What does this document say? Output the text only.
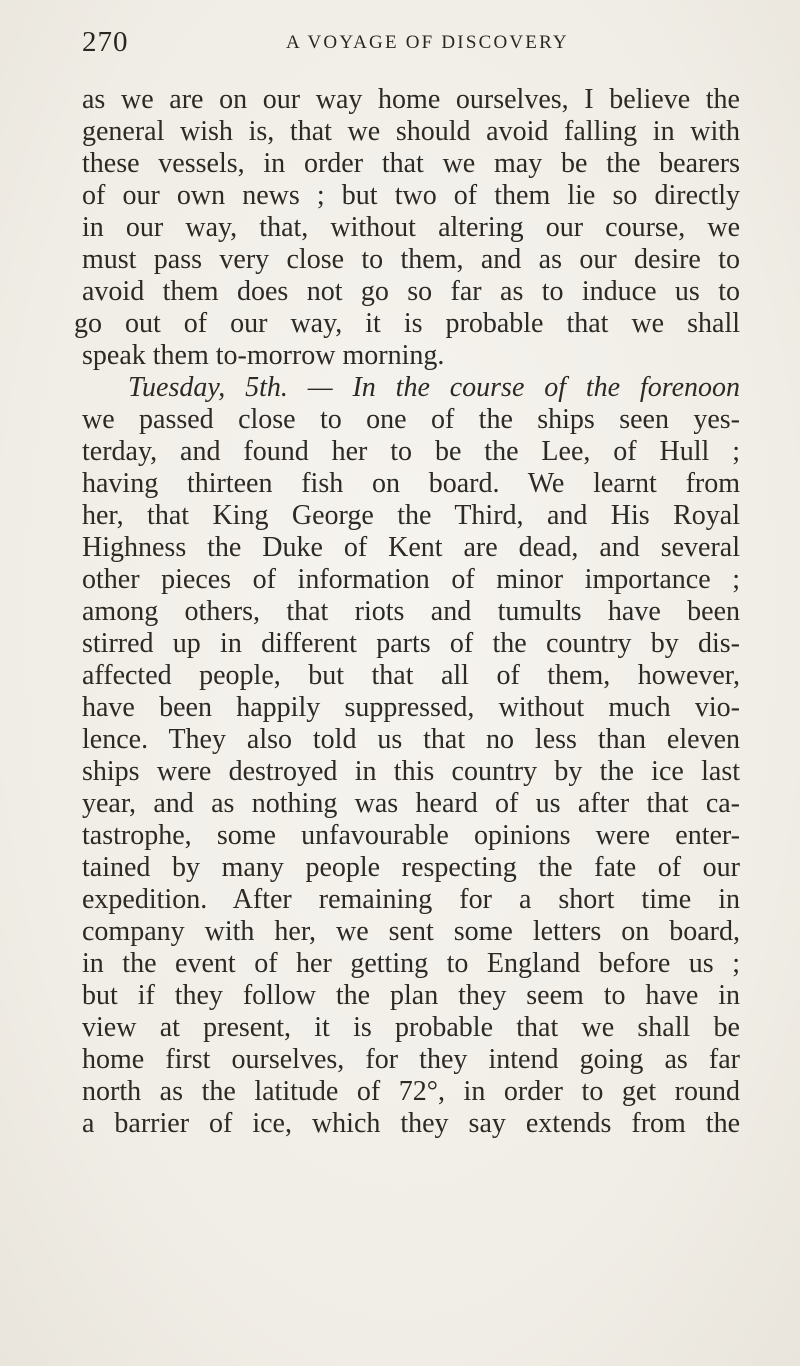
270	A VOYAGE OF DISCOVERY
as we are on our way home ourselves, I believe the
general wish is, that we should avoid falling in with
these vessels, in order that we may be the bearers
of our own news ; but two of them lie so directly
in our way, that, without altering our course, we
must pass very close to them, and as our desire to
avoid them does not go so far as to induce us to
go out of our way, it is probable that we shall
speak them to-morrow morning.
Tuesday, 5th. — In the course of the forenoon
we passed close to one of the ships seen yes-
terday, and found her to be the Lee, of Hull ;
having thirteen fish on board. We learnt from
her, that King George the Third, and His Royal
Highness the Duke of Kent are dead, and several
other pieces of information of minor importance ;
among others, that riots and tumults have been
stirred up in different parts of the country by dis-
affected people, but that all of them, however,
have been happily suppressed, without much vio-
lence. They also told us that no less than eleven
ships were destroyed in this country by the ice last
year, and as nothing was heard of us after that ca-
tastrophe, some unfavourable opinions were enter-
tained by many people respecting the fate of our
expedition. After remaining for a short time in
company with her, we sent some letters on board,
in the event of her getting to England before us ;
but if they follow the plan they seem to have in
view at present, it is probable that we shall be
home first ourselves, for they intend going as far
north as the latitude of 72°, in order to get round
a barrier of ice, which they say extends from the
